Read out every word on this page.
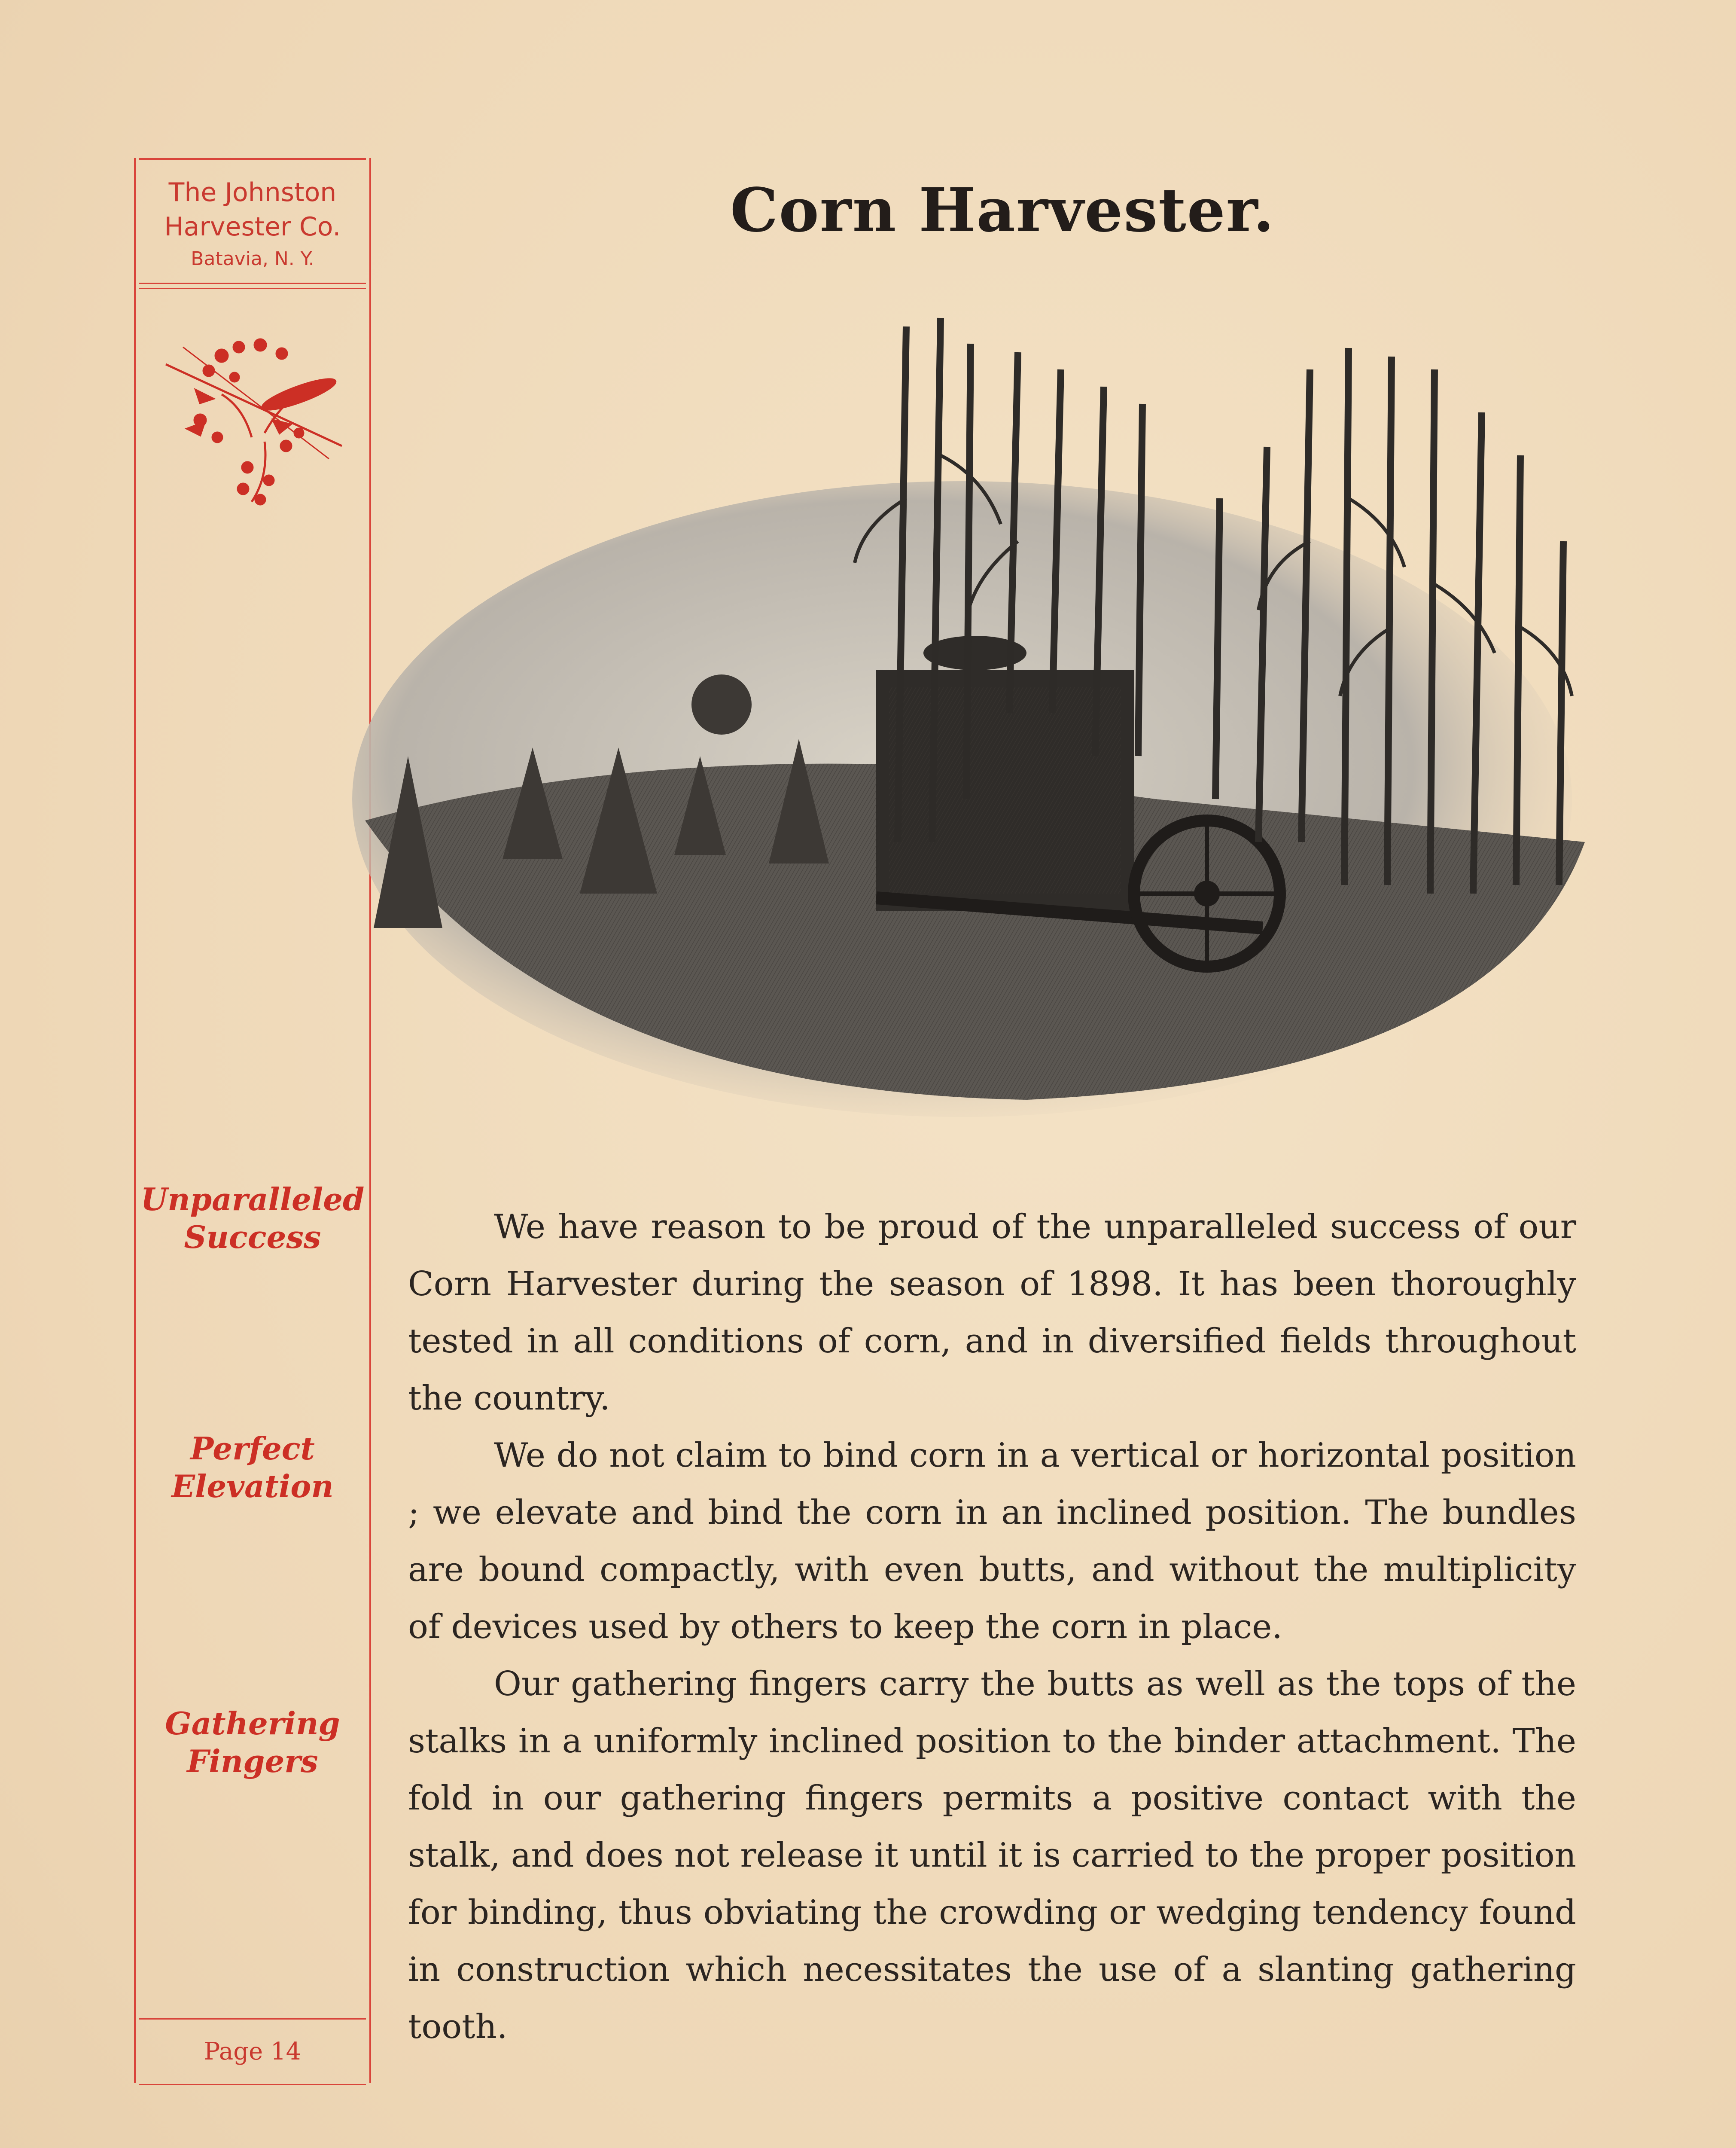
The Johnston
Harvester Co.
Batavia, N. Y.
Unparalleled
Success
Perfect
Elevation
Gathering
Fingers
Page 14
Corn Harvester.

We have reason to be proud of the unparalleled success of our Corn Harvester during the season of 1898. It has been thoroughly tested in all conditions of corn, and in diversified fields throughout the country.

We do not claim to bind corn in a vertical or horizontal position ; we elevate and bind the corn in an inclined position. The bundles are bound compactly, with even butts, and without the multiplicity of devices used by others to keep the corn in place.

Our gathering fingers carry the butts as well as the tops of the stalks in a uniformly inclined position to the binder attachment. The fold in our gathering fingers permits a positive contact with the stalk, and does not release it until it is carried to the proper position for binding, thus obviating the crowding or wedging tendency found in construction which necessitates the use of a slanting gathering tooth.
